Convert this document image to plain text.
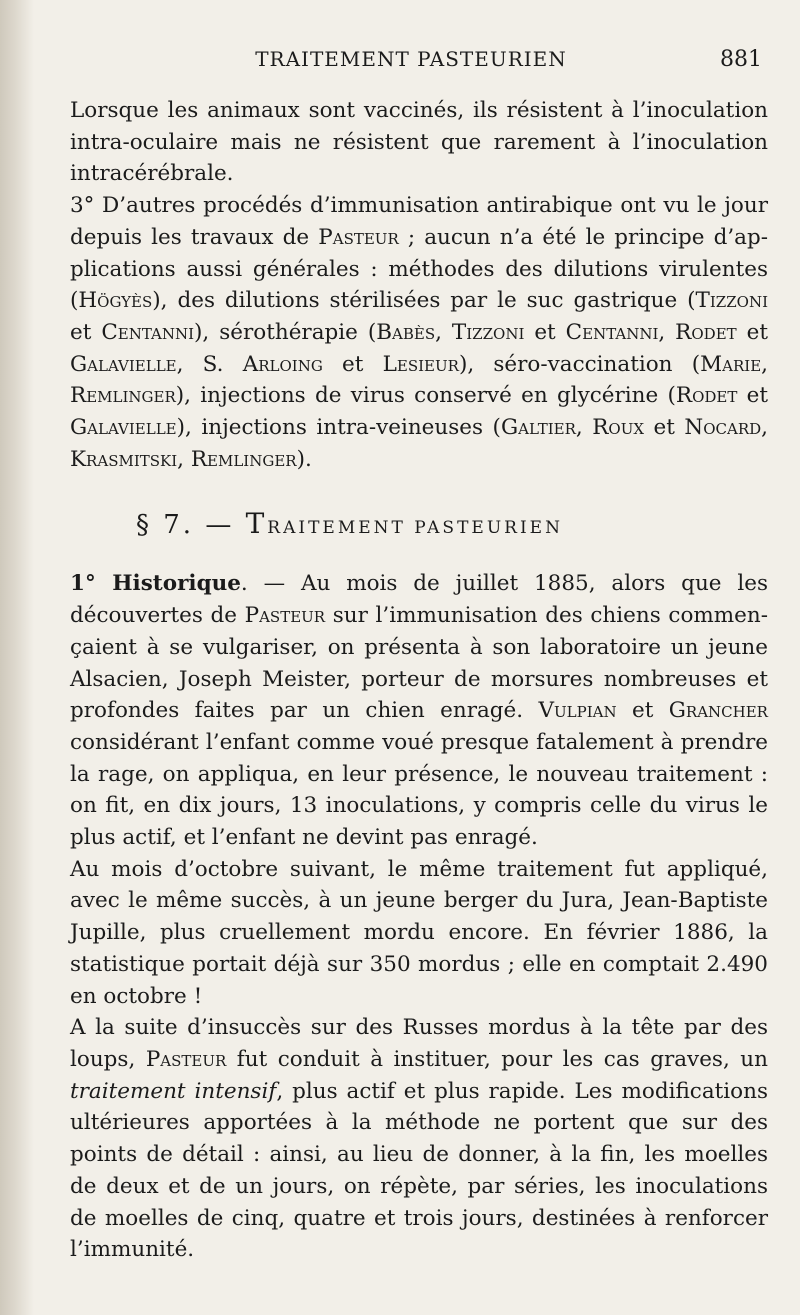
TRAITEMENT PASTEURIEN	881

Lorsque les animaux sont vaccinés, ils résistent à l’inoculation intra-oculaire mais ne résistent que rarement à l’inoculation intracérébrale.

3° D’autres procédés d’immunisation antirabique ont vu le jour depuis les travaux de Pasteur ; aucun n’a été le principe d’applications aussi générales : méthodes des dilutions virulentes (Högyès), des dilutions stérilisées par le suc gastrique (Tizzoni et Centanni), sérothérapie (Babès, Tizzoni et Centanni, Rodet et Galavielle, S. Arloing et Lesieur), séro-vaccination (Marie, Remlinger), injections de virus conservé en glycérine (Rodet et Galavielle), injections intra-veineuses (Galtier, Roux et Nocard, Krasmitski, Remlinger).

§ 7. — TRAITEMENT PASTEURIEN

1° Historique. — Au mois de juillet 1885, alors que les découvertes de Pasteur sur l’immunisation des chiens commençaient à se vulgariser, on présenta à son laboratoire un jeune Alsacien, Joseph Meister, porteur de morsures nombreuses et profondes faites par un chien enragé. Vulpian et Grancher considérant l’enfant comme voué presque fatalement à prendre la rage, on appliqua, en leur présence, le nouveau traitement : on fit, en dix jours, 13 inoculations, y compris celle du virus le plus actif, et l’enfant ne devint pas enragé.

Au mois d’octobre suivant, le même traitement fut appliqué, avec le même succès, à un jeune berger du Jura, Jean-Baptiste Jupille, plus cruellement mordu encore. En février 1886, la statistique portait déjà sur 350 mordus ; elle en comptait 2.490 en octobre !

A la suite d’insuccès sur des Russes mordus à la tête par des loups, Pasteur fut conduit à instituer, pour les cas graves, un traitement intensif, plus actif et plus rapide. Les modifications ultérieures apportées à la méthode ne portent que sur des points de détail : ainsi, au lieu de donner, à la fin, les moelles de deux et de un jours, on répète, par séries, les inoculations de moelles de cinq, quatre et trois jours, destinées à renforcer l’immunité.
